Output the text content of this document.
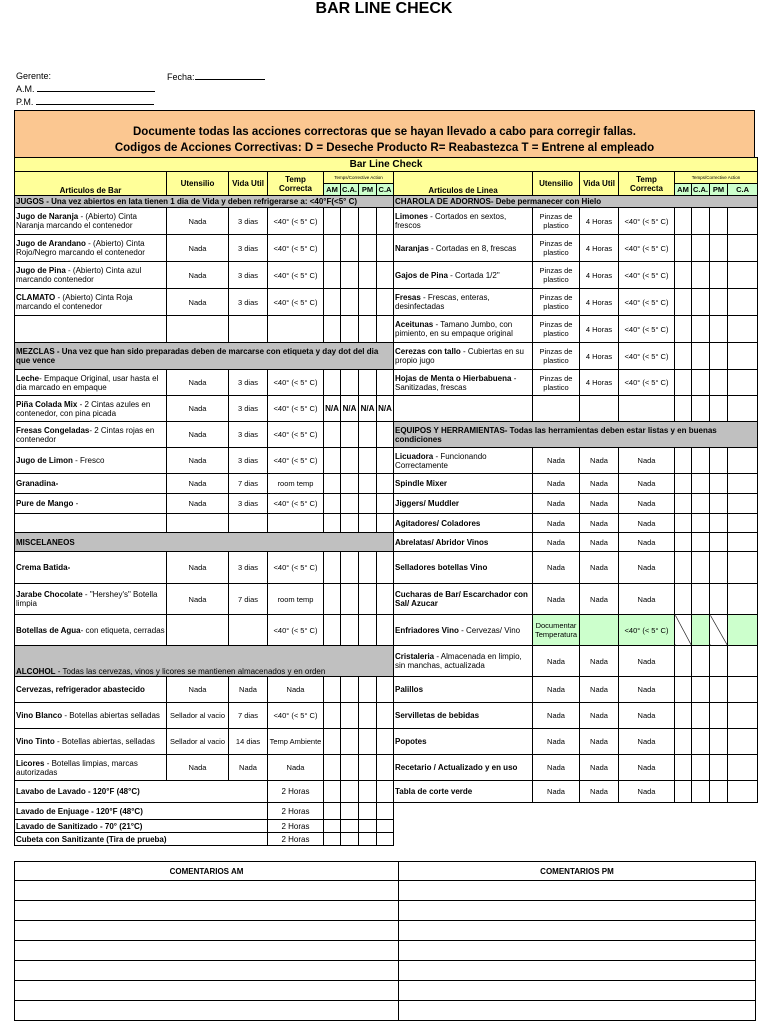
BAR LINE CHECK
Gerente:	Fecha:
A.M.
P.M.
Documente todas las acciones correctoras que se hayan llevado a cabo para corregir fallas.
Codigos de Acciones Correctivas: D = Deseche Producto R= Reabastezca T = Entrene al empleado
Bar Line Check															
Articulos de Bar	Utensilio	Vida Util	Temp Correcta	Temps/Corrective Action				Articulos de Linea	Utensilio	Vida Util	Temp Correcta	Temps/Corrective Action			
				AM	C.A.	PM	C.A					AM	C.A.	PM	C.A
JUGOS - Una vez abiertos en lata tienen 1 dia de Vida y deben refrigerarse a: <40°F(<5° C)								CHAROLA DE ADORNOS- Debe permanecer con Hielo							
Jugo de Naranja - (Abierto) Cinta Naranja marcando el contenedor	Nada	3 dias	<40° (< 5° C)					Limones - Cortados en sextos, frescos	Pinzas de plastico	4 Horas	<40° (< 5° C)				
Jugo de Arandano - (Abierto) Cinta Rojo/Negro marcando el contenedor	Nada	3 dias	<40° (< 5° C)					Naranjas - Cortadas en 8, frescas	Pinzas de plastico	4 Horas	<40° (< 5° C)				
Jugo de Pina - (Abierto) Cinta azul marcando contenedor	Nada	3 dias	<40° (< 5° C)					Gajos de Pina - Cortada 1/2"	Pinzas de plastico	4 Horas	<40° (< 5° C)				
CLAMATO - (Abierto) Cinta Roja marcando el contenedor	Nada	3 dias	<40° (< 5° C)					Fresas - Frescas, enteras, desinfectadas	Pinzas de plastico	4 Horas	<40° (< 5° C)				
								Aceitunas - Tamano Jumbo, con pimiento, en su empaque original	Pinzas de plastico	4 Horas	<40° (< 5° C)				
MEZCLAS - Una vez que han sido preparadas deben de marcarse con etiqueta y day dot del dia que vence								Cerezas con tallo - Cubiertas en su propio jugo	Pinzas de plastico	4 Horas	<40° (< 5° C)				
Leche- Empaque Original, usar hasta el dia marcado en empaque	Nada	3 dias	<40° (< 5° C)					Hojas de Menta o Hierbabuena - Sanitizadas, frescas	Pinzas de plastico	4 Horas	<40° (< 5° C)				
Piña Colada Mix - 2 Cintas azules en contenedor, con pina picada	Nada	3 dias	<40° (< 5° C)	N/A	N/A	N/A	N/A								
Fresas Congeladas- 2 Cintas rojas en contenedor	Nada	3 dias	<40° (< 5° C)					EQUIPOS Y HERRAMIENTAS- Todas las herramientas deben estar listas y en buenas condiciones							
Jugo de Limon - Fresco	Nada	3 dias	<40° (< 5° C)					Licuadora - Funcionando Correctamente	Nada	Nada	Nada				
Granadina-	Nada	7 dias	room temp					Spindle Mixer	Nada	Nada	Nada				
Pure de Mango -	Nada	3 dias	<40° (< 5° C)					Jiggers/ Muddler	Nada	Nada	Nada				
								Agitadores/ Coladores	Nada	Nada	Nada				
MISCELANEOS								Abrelatas/ Abridor Vinos	Nada	Nada	Nada				
Crema Batida-	Nada	3 dias	<40° (< 5° C)					Selladores botellas Vino	Nada	Nada	Nada				
Jarabe Chocolate - "Hershey's" Botella limpia	Nada	7 dias	room temp					Cucharas de Bar/ Escarchador con Sal/ Azucar	Nada	Nada	Nada				
Botellas de Agua- con etiqueta, cerradas			<40° (< 5° C)					Enfriadores Vino - Cervezas/ Vino	Documentar Temperatura		<40° (< 5° C)				
ALCOHOL - Todas las cervezas, vinos y licores se mantienen almacenados y en orden								Cristaleria - Almacenada en limpio, sin manchas, actualizada	Nada	Nada	Nada				
Cervezas, refrigerador abastecido	Nada	Nada	Nada					Palillos	Nada	Nada	Nada				
Vino Blanco - Botellas abiertas selladas	Sellador al vacio	7 dias	<40° (< 5° C)					Servilletas de bebidas	Nada	Nada	Nada				
Vino Tinto - Botellas abiertas, selladas	Sellador al vacio	14 dias	Temp Ambiente					Popotes	Nada	Nada	Nada				
Licores - Botellas limpias, marcas autorizadas	Nada	Nada	Nada					Recetario / Actualizado y en uso	Nada	Nada	Nada				
Lavabo de Lavado - 120°F (48°C)			2 Horas					Tabla de corte verde	Nada	Nada	Nada				
Lavado de Enjuage - 120°F (48°C)			2 Horas												
Lavado de Sanitizado - 70° (21°C)			2 Horas												
Cubeta con Sanitizante (Tira de prueba)			2 Horas												
COMENTARIOS AM	COMENTARIOS PM
